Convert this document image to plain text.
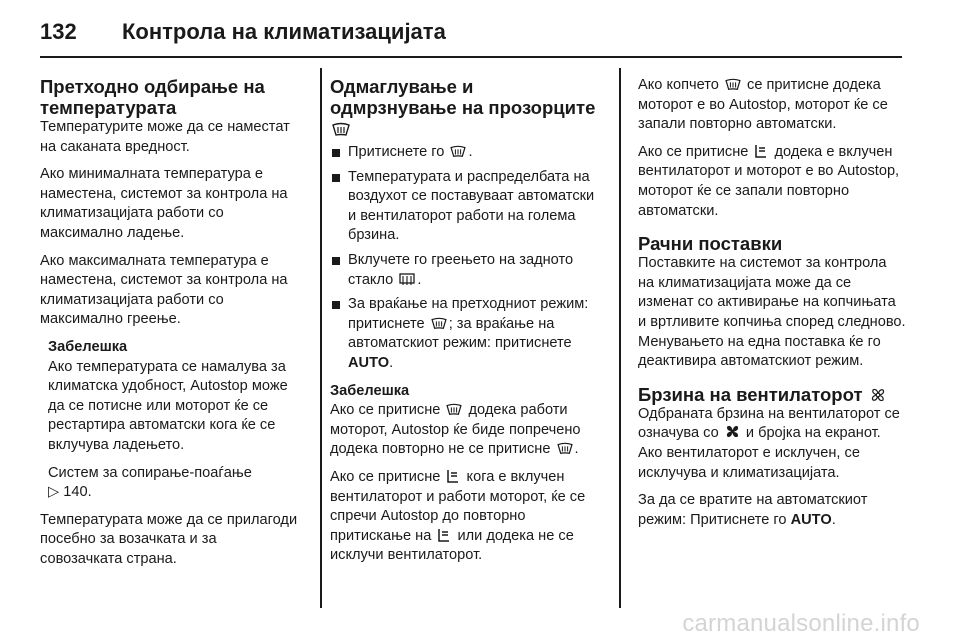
132	Контрола на климатизацијата
Претходно одбирање на температурата

Температурите може да се наместат на саканата вредност.

Ако минималната температура е наместена, системот за контрола на климатизацијата работи со максимално ладење.

Ако максималната температура е наместена, системот за контрола на климатизацијата работи со максимално греење.

Забелешка

Ако температурата се намалува за климатска удобност, Autostop може да се потисне или моторот ќе се рестартира автоматски кога ќе се вклучува ладењето.

Систем за сопирање-поаѓање
▷ 140.

Температурата може да се прилагоди посебно за возачката и за совозачката страна.

Одмаглување и одмрзнување на прозорците
Притиснете го .
Температурата и распределбата на воздухот се поставуваат автоматски и вентилаторот работи на голема брзина.
Вклучете го греењето на задното стакло .
За враќање на претходниот режим: притиснете ; за враќање на автоматскиот режим: притиснете AUTO.
Забелешка

Ако се притисне додека работи моторот, Autostop ќе биде попречено додека повторно не се притисне .

Ако се притисне кога е вклучен вентилаторот и работи моторот, ќе се спречи Autostop до повторно притискање на или додека не се исклучи вентилаторот.

Ако копчето се притисне додека моторот е во Autostop, моторот ќе се запали повторно автоматски.

Ако се притисне додека е вклучен вентилаторот и моторот е во Autostop, моторот ќе се запали повторно автоматски.

Рачни поставки

Поставките на системот за контрола на климатизацијата може да се изменат со активирање на копчињата и вртливите копчиња според следново. Менувањето на една поставка ќе го деактивира автоматскиот режим.

Брзина на вентилаторот

Одбраната брзина на вентилаторот се означува со и бројка на екранот. Ако вентилаторот е исклучен, се исклучува и климатизацијата.

За да се вратите на автоматскиот режим: Притиснете го AUTO.

carmanualsonline.info
